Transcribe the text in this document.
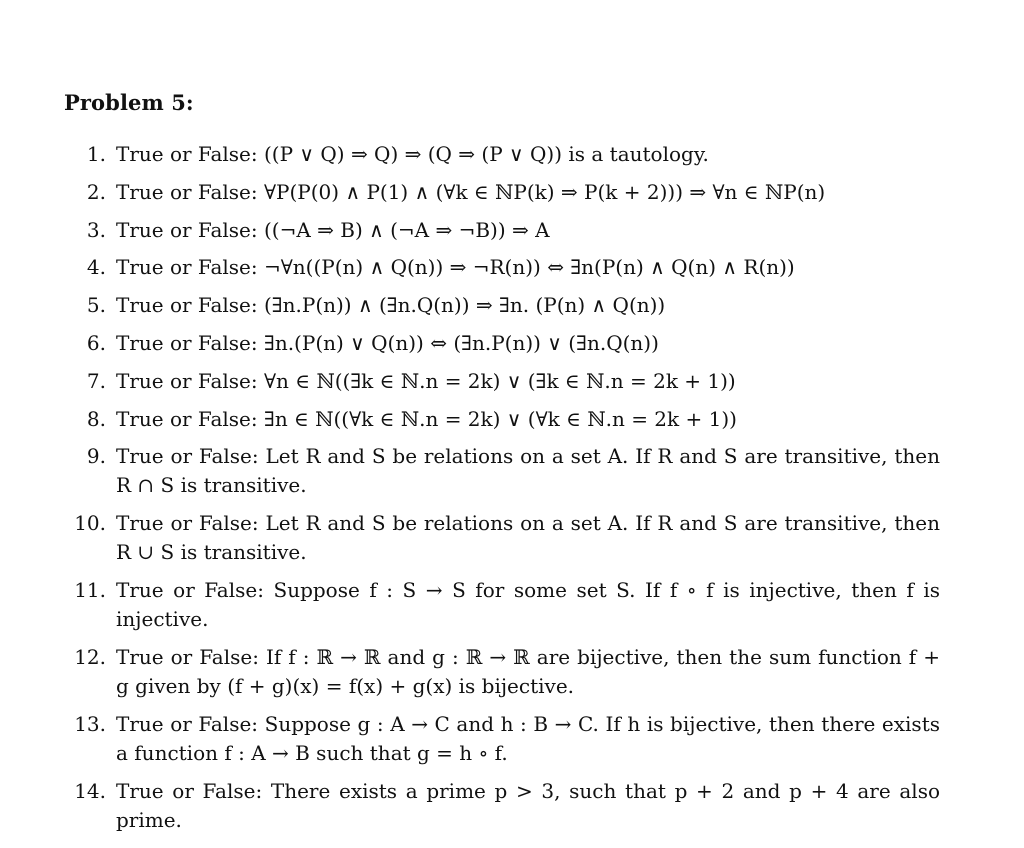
Problem 5:
1. True or False: ((P ∨ Q) ⇒ Q) ⇒ (Q ⇒ (P ∨ Q)) is a tautology.
2. True or False: ∀P(P(0) ∧ P(1) ∧ (∀k ∈ ℕP(k) ⇒ P(k + 2))) ⇒ ∀n ∈ ℕP(n)
3. True or False: ((¬A ⇒ B) ∧ (¬A ⇒ ¬B)) ⇒ A
4. True or False: ¬∀n((P(n) ∧ Q(n)) ⇒ ¬R(n)) ⇔ ∃n(P(n) ∧ Q(n) ∧ R(n))
5. True or False: (∃n.P(n)) ∧ (∃n.Q(n)) ⇒ ∃n. (P(n) ∧ Q(n))
6. True or False: ∃n.(P(n) ∨ Q(n)) ⇔ (∃n.P(n)) ∨ (∃n.Q(n))
7. True or False: ∀n ∈ ℕ((∃k ∈ ℕ.n = 2k) ∨ (∃k ∈ ℕ.n = 2k + 1))
8. True or False: ∃n ∈ ℕ((∀k ∈ ℕ.n = 2k) ∨ (∀k ∈ ℕ.n = 2k + 1))
9. True or False: Let R and S be relations on a set A. If R and S are transitive, then R ∩ S is transitive.
10. True or False: Let R and S be relations on a set A. If R and S are transitive, then R ∪ S is transitive.
11. True or False: Suppose f : S → S for some set S. If f ∘ f is injective, then f is injective.
12. True or False: If f : ℝ → ℝ and g : ℝ → ℝ are bijective, then the sum function f + g given by (f + g)(x) = f(x) + g(x) is bijective.
13. True or False: Suppose g : A → C and h : B → C. If h is bijective, then there exists a function f : A → B such that g = h ∘ f.
14. True or False: There exists a prime p > 3, such that p + 2 and p + 4 are also prime.
